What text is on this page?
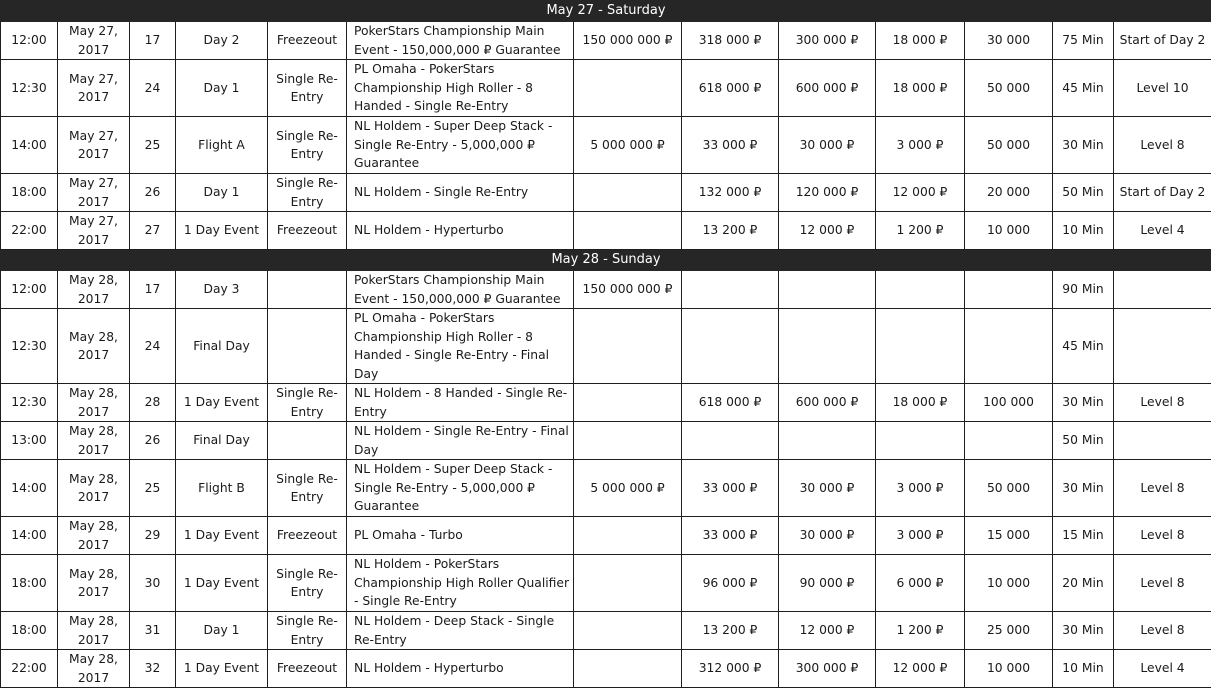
May 27 - Saturday												
12:00	May 27, 2017	17	Day 2	Freezeout	PokerStars Championship Main Event - 150,000,000 ₽ Guarantee	150 000 000 ₽	318 000 ₽	300 000 ₽	18 000 ₽	30 000	75 Min	Start of Day 2
12:30	May 27, 2017	24	Day 1	Single Re-Entry	PL Omaha - PokerStars Championship High Roller - 8 Handed - Single Re-Entry		618 000 ₽	600 000 ₽	18 000 ₽	50 000	45 Min	Level 10
14:00	May 27, 2017	25	Flight A	Single Re-Entry	NL Holdem - Super Deep Stack - Single Re-Entry - 5,000,000 ₽ Guarantee	5 000 000 ₽	33 000 ₽	30 000 ₽	3 000 ₽	50 000	30 Min	Level 8
18:00	May 27, 2017	26	Day 1	Single Re-Entry	NL Holdem - Single Re-Entry		132 000 ₽	120 000 ₽	12 000 ₽	20 000	50 Min	Start of Day 2
22:00	May 27, 2017	27	1 Day Event	Freezeout	NL Holdem - Hyperturbo		13 200 ₽	12 000 ₽	1 200 ₽	10 000	10 Min	Level 4
May 28 - Sunday												
12:00	May 28, 2017	17	Day 3		PokerStars Championship Main Event - 150,000,000 ₽ Guarantee	150 000 000 ₽					90 Min	
12:30	May 28, 2017	24	Final Day		PL Omaha - PokerStars Championship High Roller - 8 Handed - Single Re-Entry - Final Day						45 Min	
12:30	May 28, 2017	28	1 Day Event	Single Re-Entry	NL Holdem - 8 Handed - Single Re-Entry		618 000 ₽	600 000 ₽	18 000 ₽	100 000	30 Min	Level 8
13:00	May 28, 2017	26	Final Day		NL Holdem - Single Re-Entry - Final Day						50 Min	
14:00	May 28, 2017	25	Flight B	Single Re-Entry	NL Holdem - Super Deep Stack - Single Re-Entry - 5,000,000 ₽ Guarantee	5 000 000 ₽	33 000 ₽	30 000 ₽	3 000 ₽	50 000	30 Min	Level 8
14:00	May 28, 2017	29	1 Day Event	Freezeout	PL Omaha - Turbo		33 000 ₽	30 000 ₽	3 000 ₽	15 000	15 Min	Level 8
18:00	May 28, 2017	30	1 Day Event	Single Re-Entry	NL Holdem - PokerStars Championship High Roller Qualifier - Single Re-Entry		96 000 ₽	90 000 ₽	6 000 ₽	10 000	20 Min	Level 8
18:00	May 28, 2017	31	Day 1	Single Re-Entry	NL Holdem - Deep Stack - Single Re-Entry		13 200 ₽	12 000 ₽	1 200 ₽	25 000	30 Min	Level 8
22:00	May 28, 2017	32	1 Day Event	Freezeout	NL Holdem - Hyperturbo		312 000 ₽	300 000 ₽	12 000 ₽	10 000	10 Min	Level 4
